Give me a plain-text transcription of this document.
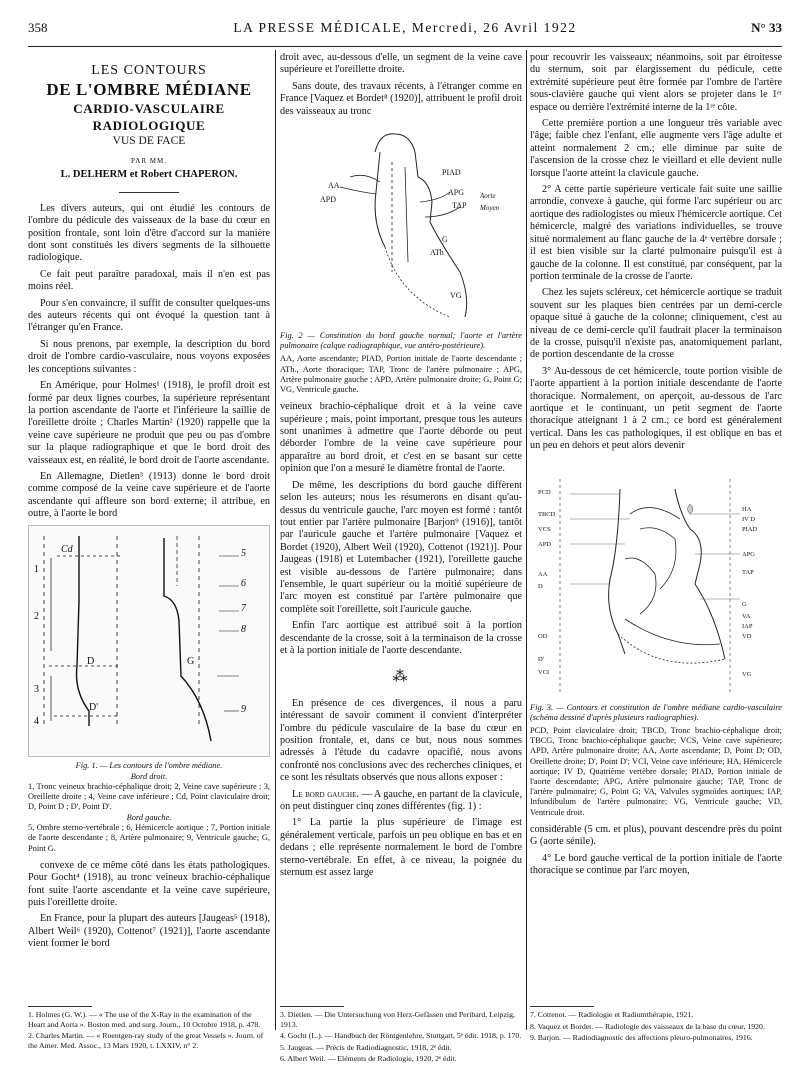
358	LA PRESSE MÉDICALE, Mercredi, 26 Avril 1922	N° 33
LES CONTOURS
DE L'OMBRE MÉDIANE
CARDIO-VASCULAIRE RADIOLOGIQUE
VUS DE FACE
PAR MM.
L. DELHERM et Robert CHAPERON.

Les divers auteurs, qui ont étudié les contours de l'ombre du pédicule des vaisseaux de la base du cœur en position frontale, sont loin d'être d'accord sur la manière dont sont constitués les divers segments de la silhouette radiologique.

Ce fait peut paraître paradoxal, mais il n'en est pas moins réel.

Pour s'en convaincre, il suffit de consulter quelques-uns des auteurs récents qui ont évoqué la question tant à l'étranger qu'en France.

Si nous prenons, par exemple, la description du bord droit de l'ombre cardio-vasculaire, nous voyons exposées les conceptions suivantes :

En Amérique, pour Holmes¹ (1918), le profil droit est formé par deux lignes courbes, la supérieure représentant la portion ascendante de l'aorte et l'inférieure la saillie de l'oreillette droite ; Charles Martin² (1920) rappelle que la veine cave supérieure ne produit que peu ou pas d'ombre sur la plaque radiographique et que le bord droit des vaisseaux est, en réalité, le bord droit de l'aorte ascendante.

En Allemagne, Dietlen³ (1913) donne le bord droit comme composé de la veine cave supérieure et de l'aorte ascendante qui affleure son bord externe; il attribue, en outre, à l'aorte le bord

Cd
1
2
D
3
D'
4
5
6
7
8
G
9
Fig. 1. — Les contours de l'ombre médiane.
Bord droit.
1, Tronc veineux brachio-céphalique droit; 2, Veine cave supérieure ; 3, Oreillette droite ; 4, Veine cave inférieure ; Cd, Point claviculaire droit; D, Point D ; D', Point D'.
Bord gauche.
5, Ombre sterno-vertébrale ; 6, Hémicercle aortique ; 7, Portion initiale de l'aorte descendante ; 8, Artère pulmonaire; 9, Ventricule gauche; G, Point G.

convexe de ce même côté dans les états pathologiques. Pour Gocht⁴ (1918), au tronc veineux brachio-céphalique font suite l'aorte ascendante et la veine cave supérieure, puis l'oreillette droite.

En France, pour la plupart des auteurs [Jaugeas⁵ (1918), Albert Weil⁶ (1920), Cottenot⁷ (1921)], l'aorte ascendante vient former le bord

droit avec, au-dessous d'elle, un segment de la veine cave supérieure et l'oreillette droite.

Sans doute, des travaux récents, à l'étranger comme en France [Vaquez et Bordet⁸ (1920)], attribuent le profil droit des vaisseaux au tronc

AA
APD
PIAD
APG
TAP
Aorte
Moyen
G
ATh
VG
Fig. 2 — Constitution du bord gauche normal; l'aorte et l'artère pulmonaire (calque radiographique, vue antéro-postérieure).
AA, Aorte ascendante; PIAD, Portion initiale de l'aorte descendante ; ATh., Aorte thoracique; TAP, Tronc de l'artère pulmonaire ; APG, Artère pulmonaire gauche ; APD, Artère pulmonaire droite; G, Point G; VG, Ventricule gauche.

veineux brachio-céphalique droit et à la veine cave supérieure ; mais, point important, presque tous les auteurs sont unanimes à admettre que l'aorte déborde ou peut déborder l'ombre de la veine cave supérieure pour apparaître au bord droit, et c'est en se basant sur cette opinion que l'on a mesuré le diamètre frontal de l'aorte.

De même, les descriptions du bord gauche diffèrent selon les auteurs; nous les résumerons en disant qu'au-dessus du ventricule gauche, l'arc moyen est formé : tantôt tout entier par l'artère pulmonaire [Barjon⁹ (1916)], tantôt par l'auricule gauche et l'artère pulmonaire [Vaquez et Bordet (1920), Albert Weil (1920), Cottenot (1921)]. Pour Jaugeas (1918) et Lutembacher (1921), l'oreillette gauche est visible au-dessous de l'artère pulmonaire; dans l'ensemble, le quart supérieur ou la moitié supérieure de l'arc moyen est constitué par l'artère pulmonaire que complète soit l'oreillette, soit l'auricule gauche.

Enfin l'arc aortique est attribué soit à la portion descendante de la crosse, soit à la terminaison de la crosse et à la portion initiale de l'aorte descendante.

⁂

En présence de ces divergences, il nous a paru intéressant de savoir comment il convient d'interpréter l'ombre du pédicule vasculaire de la base du cœur en position frontale, et, dans ce but, nous nous sommes adressés à l'étude du cadavre opacifié, nous avons confronté nos conclusions avec des recherches cliniques, et ce sont les résultats observés que nous allons exposer :

Le bord gauche. — A gauche, en partant de la clavicule, on peut distinguer cinq zones différentes (fig. 1) :

1° La partie la plus supérieure de l'image est généralement verticale, parfois un peu oblique en bas et en dedans ; elle représente normalement le bord de l'ombre sterno-vertébrale. En effet, à ce niveau, la poignée du sternum est assez large

pour recouvrir les vaisseaux; néanmoins, soit par étroitesse du sternum, soit par élargissement du pédicule, cette extrémité supérieure peut être formée par l'ombre de l'artère sous-clavière gauche qui vient alors se projeter dans le 1ᵉʳ espace ou derrière l'extrémité interne de la 1ʳᵉ côte.

Cette première portion a une longueur très variable avec l'âge; faible chez l'enfant, elle augmente vers l'âge adulte et atteint normalement 2 cm.; elle diminue par suite de l'ascension de la crosse chez le vieillard et elle devient nulle lorsque l'aorte atteint la clavicule gauche.

2° A cette partie supérieure verticale fait suite une saillie arrondie, convexe à gauche, qui forme l'arc supérieur ou arc aortique des radiologistes ou mieux l'hémicercle aortique. Cet hémicercle, malgré des variations individuelles, se trouve situé normalement au flanc gauche de la 4ᵉ vertèbre dorsale ; il est bien visible sur la clarté pulmonaire puisqu'il est à gauche de la colonne. Il est constitué, par conséquent, par la portion terminale de la crosse de l'aorte.

Chez les sujets scléreux, cet hémicercle aortique se traduit souvent sur les plaques bien centrées par un demi-cercle opaque situé à gauche de la colonne; cliniquement, c'est au niveau de ce demi-cercle qu'il faudrait placer la terminaison de la crosse, puisqu'il n'existe pas, anatomiquement parlant, de portion descendante de la crosse

3° Au-dessous de cet hémicercle, toute portion visible de l'aorte appartient à la portion initiale descendante de l'aorte thoracique. Normalement, on aperçoit, au-dessous de l'arc aortique et le continuant, un petit segment de l'aorte thoracique atteignant 1 à 2 cm.; ce bord est généralement vertical. Dans les cas pathologiques, il est oblique en bas et un peu en dehors et peut alors devenir

PCD
TBCD
VCS
APD
AA
D
OD
D'
VCI
HA
IV D
PIAD
APG
TAP
G
VA
IAP
VD
VG
Fig. 3. — Contours et constitution de l'ombre médiane cardio-vasculaire (schéma dessiné d'après plusieurs radiographies).
PCD, Point claviculaire droit; TBCD, Tronc brachio-céphalique droit; TBCG, Tronc brachio-céphalique gauche; VCS, Veine cave supérieure; APD, Artère pulmonaire droite; AA, Aorte ascendante; D, Point D; OD, Oreillette droite; D', Point D'; VCI, Veine cave inférieure; HA, Hémicercle aortique; IV D, Quatrième vertèbre dorsale; PIAD, Portion initiale de l'aorte descendante; APG, Artère pulmonaire gauche; TAP, Tronc de l'artère pulmonaire; G, Point G; VA, Valvules sygmoïdes aortiques; IAP, Infundibulum de l'artère pulmonaire; VG, Ventricule gauche; VD, Ventricule droit.

considérable (5 cm. et plus), pouvant descendre près du point G (aorte sénile).

4° Le bord gauche vertical de la portion initiale de l'aorte thoracique se continue par l'arc moyen,

1. Holmes (G. W.). — « The use of the X-Ray in the examination of the Heart and Aorta ». Boston med. and surg. Journ., 10 Octobre 1918, p. 478.

2. Charles Martin. — « Roentgen-ray study of the great Vessels ». Journ. of the Amer. Med. Assoc., 13 Mars 1920, t. LXXIV, n° 2.

3. Dietlen. — Die Untersuchung von Herz-Gefässen und Peribard, Leipzig, 1913.

4. Gocht (L.). — Handbuch der Röntgenlehre, Stuttgart, 5ᵉ édit. 1918, p. 170.

5. Jaugeas. — Précis de Radiodiagnostic, 1918, 2ᵉ édit.

6. Albert Weil. — Eléments de Radiologie, 1920, 2ᵉ édit.

7. Cottenot. — Radiologie et Radiumthérapie, 1921.

8. Vaquez et Bordet. — Radiologie des vaisseaux de la base du cœur, 1920.

9. Barjon. — Radiodiagnostic des affections pleuro-pulmonaires, 1916.
